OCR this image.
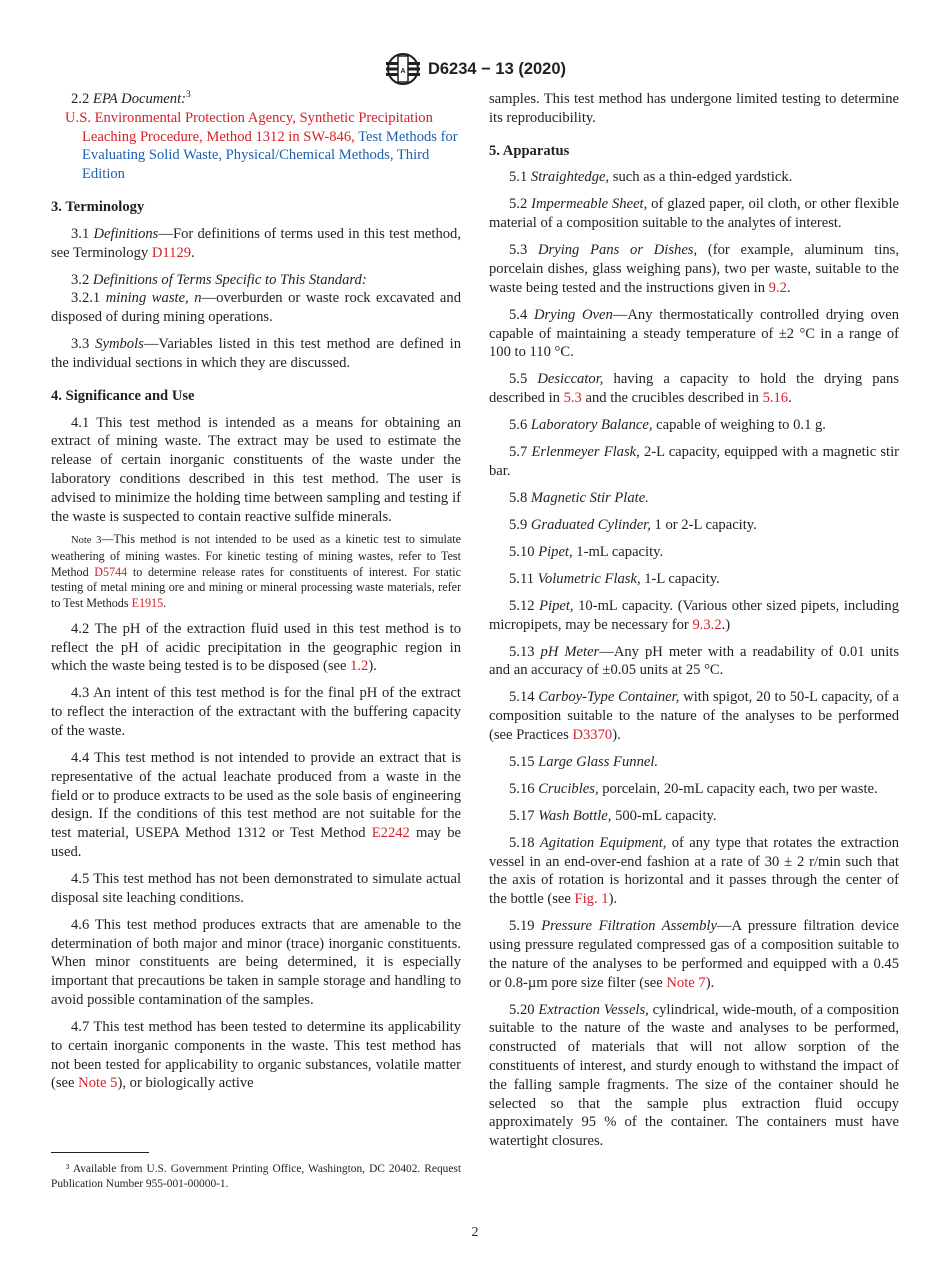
A D6234 − 13 (2020)

2.2 EPA Document:$^3$

U.S. Environmental Protection Agency, Synthetic Precipitation Leaching Procedure, Method 1312 in SW-846, Test Methods for Evaluating Solid Waste, Physical/Chemical Methods, Third Edition

3. Terminology

3.1 Definitions—For definitions of terms used in this test method, see Terminology D1129.

3.2 Definitions of Terms Specific to This Standard:

3.2.1 mining waste, n—overburden or waste rock excavated and disposed of during mining operations.

3.3 Symbols—Variables listed in this test method are defined in the individual sections in which they are discussed.

4. Significance and Use

4.1 This test method is intended as a means for obtaining an extract of mining waste. The extract may be used to estimate the release of certain inorganic constituents of the waste under the laboratory conditions described in this test method. The user is advised to minimize the holding time between sampling and testing if the waste is suspected to contain reactive sulfide minerals.

Note 3—This method is not intended to be used as a kinetic test to simulate weathering of mining wastes. For kinetic testing of mining wastes, refer to Test Method D5744 to determine release rates for constituents of interest. For static testing of metal mining ore and mining or mineral processing waste materials, refer to Test Methods E1915.

4.2 The pH of the extraction fluid used in this test method is to reflect the pH of acidic precipitation in the geographic region in which the waste being tested is to be disposed (see 1.2).

4.3 An intent of this test method is for the final pH of the extract to reflect the interaction of the extractant with the buffering capacity of the waste.

4.4 This test method is not intended to provide an extract that is representative of the actual leachate produced from a waste in the field or to produce extracts to be used as the sole basis of engineering design. If the conditions of this test method are not suitable for the test material, USEPA Method 1312 or Test Method E2242 may be used.

4.5 This test method has not been demonstrated to simulate actual disposal site leaching conditions.

4.6 This test method produces extracts that are amenable to the determination of both major and minor (trace) inorganic constituents. When minor constituents are being determined, it is especially important that precautions be taken in sample storage and handling to avoid possible contamination of the samples.

4.7 This test method has been tested to determine its applicability to certain inorganic components in the waste. This test method has not been tested for applicability to organic substances, volatile matter (see Note 5), or biologically active

samples. This test method has undergone limited testing to determine its reproducibility.

5. Apparatus

5.1 Straightedge, such as a thin-edged yardstick.

5.2 Impermeable Sheet, of glazed paper, oil cloth, or other flexible material of a composition suitable to the analytes of interest.

5.3 Drying Pans or Dishes, (for example, aluminum tins, porcelain dishes, glass weighing pans), two per waste, suitable to the waste being tested and the instructions given in 9.2.

5.4 Drying Oven—Any thermostatically controlled drying oven capable of maintaining a steady temperature of ±2 °C in a range of 100 to 110 °C.

5.5 Desiccator, having a capacity to hold the drying pans described in 5.3 and the crucibles described in 5.16.

5.6 Laboratory Balance, capable of weighing to 0.1 g.

5.7 Erlenmeyer Flask, 2-L capacity, equipped with a magnetic stir bar.

5.8 Magnetic Stir Plate.

5.9 Graduated Cylinder, 1 or 2-L capacity.

5.10 Pipet, 1-mL capacity.

5.11 Volumetric Flask, 1-L capacity.

5.12 Pipet, 10-mL capacity. (Various other sized pipets, including micropipets, may be necessary for 9.3.2.)

5.13 pH Meter—Any pH meter with a readability of 0.01 units and an accuracy of ±0.05 units at 25 °C.

5.14 Carboy-Type Container, with spigot, 20 to 50-L capacity, of a composition suitable to the nature of the analyses to be performed (see Practices D3370).

5.15 Large Glass Funnel.

5.16 Crucibles, porcelain, 20-mL capacity each, two per waste.

5.17 Wash Bottle, 500-mL capacity.

5.18 Agitation Equipment, of any type that rotates the extraction vessel in an end-over-end fashion at a rate of 30 ± 2 r/min such that the axis of rotation is horizontal and it passes through the center of the bottle (see Fig. 1).

5.19 Pressure Filtration Assembly—A pressure filtration device using pressure regulated compressed gas of a composition suitable to the nature of the analyses to be performed and equipped with a 0.45 or 0.8-µm pore size filter (see Note 7).

5.20 Extraction Vessels, cylindrical, wide-mouth, of a composition suitable to the nature of the waste and analyses to be performed, constructed of materials that will not allow sorption of the constituents of interest, and sturdy enough to withstand the impact of the falling sample fragments. The size of the container should he selected so that the sample plus extraction fluid occupy approximately 95 % of the container. The containers must have watertight closures.

³ Available from U.S. Government Printing Office, Washington, DC 20402. Request Publication Number 955-001-00000-1.

2
